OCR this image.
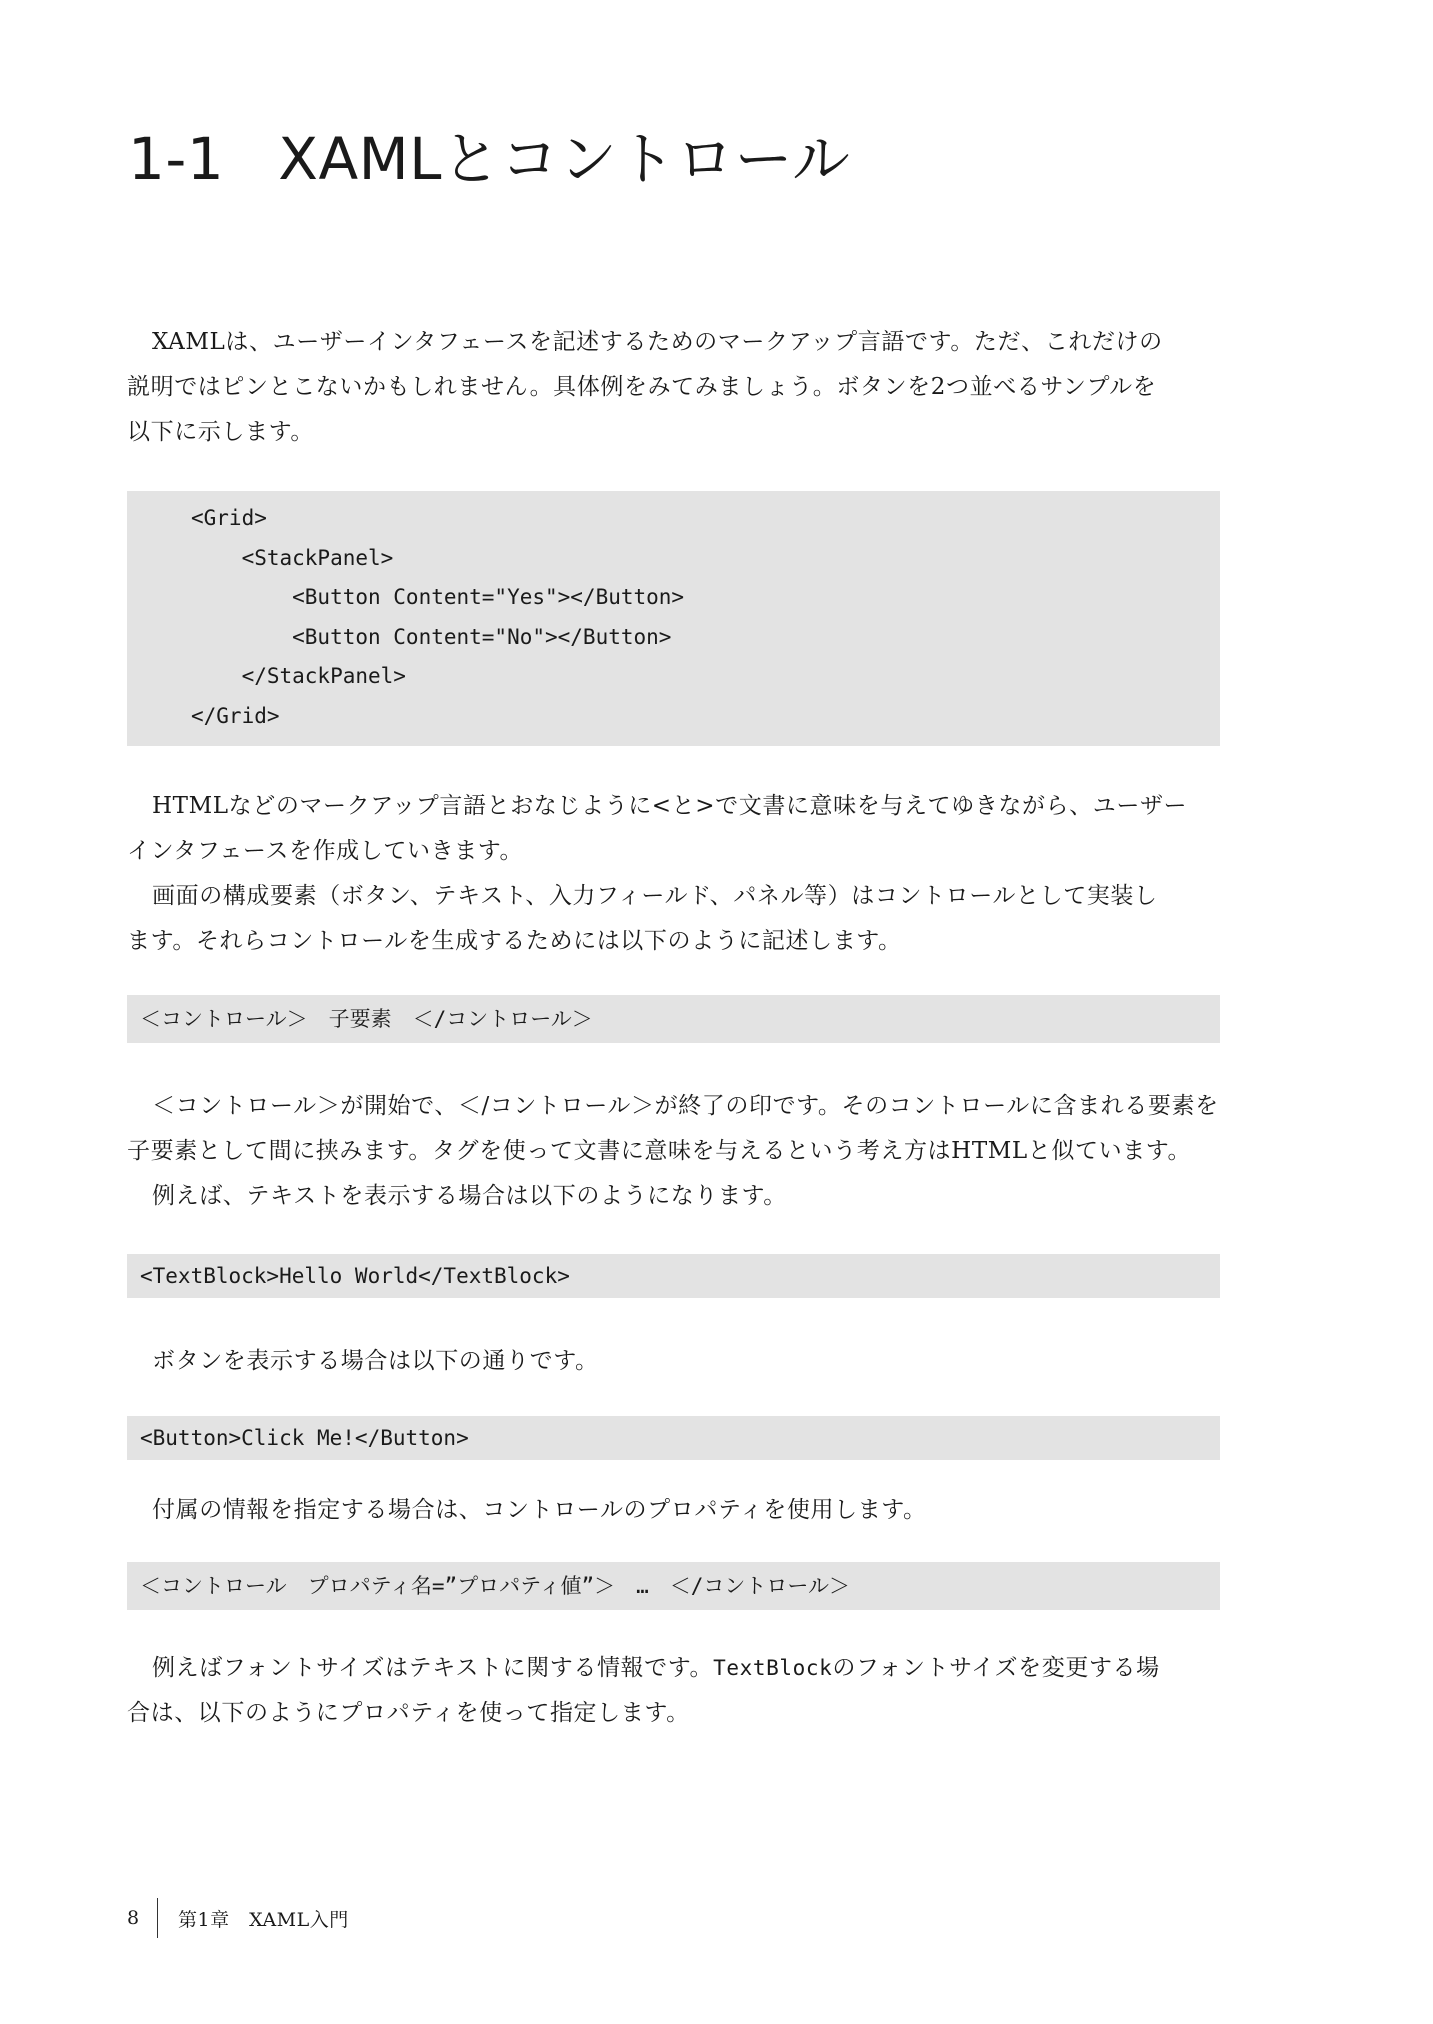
1-1 XAMLとコントロール

XAMLは、ユーザーインタフェースを記述するためのマークアップ言語です。ただ、これだけの
説明ではピンとこないかもしれません。具体例をみてみましょう。ボタンを2つ並べるサンプルを
以下に示します。

<Grid>
<StackPanel>
<Button Content="Yes"></Button>
<Button Content="No"></Button>
</StackPanel>
</Grid>

HTMLなどのマークアップ言語とおなじように<と>で文書に意味を与えてゆきながら、ユーザー
インタフェースを作成していきます。

画面の構成要素（ボタン、テキスト、入力フィールド、パネル等）はコントロールとして実装し
ます。それらコントロールを生成するためには以下のように記述します。

＜コントロール＞　子要素　＜/コントロール＞

＜コントロール＞が開始で、＜/コントロール＞が終了の印です。そのコントロールに含まれる要素を
子要素として間に挟みます。タグを使って文書に意味を与えるという考え方はHTMLと似ています。

例えば、テキストを表示する場合は以下のようになります。

<TextBlock>Hello World</TextBlock>

ボタンを表示する場合は以下の通りです。

<Button>Click Me!</Button>

付属の情報を指定する場合は、コントロールのプロパティを使用します。

＜コントロール　プロパティ名=”プロパティ値”＞　…　＜/コントロール＞

例えばフォントサイズはテキストに関する情報です。TextBlockのフォントサイズを変更する場
合は、以下のようにプロパティを使って指定します。

8	第1章　XAML入門
